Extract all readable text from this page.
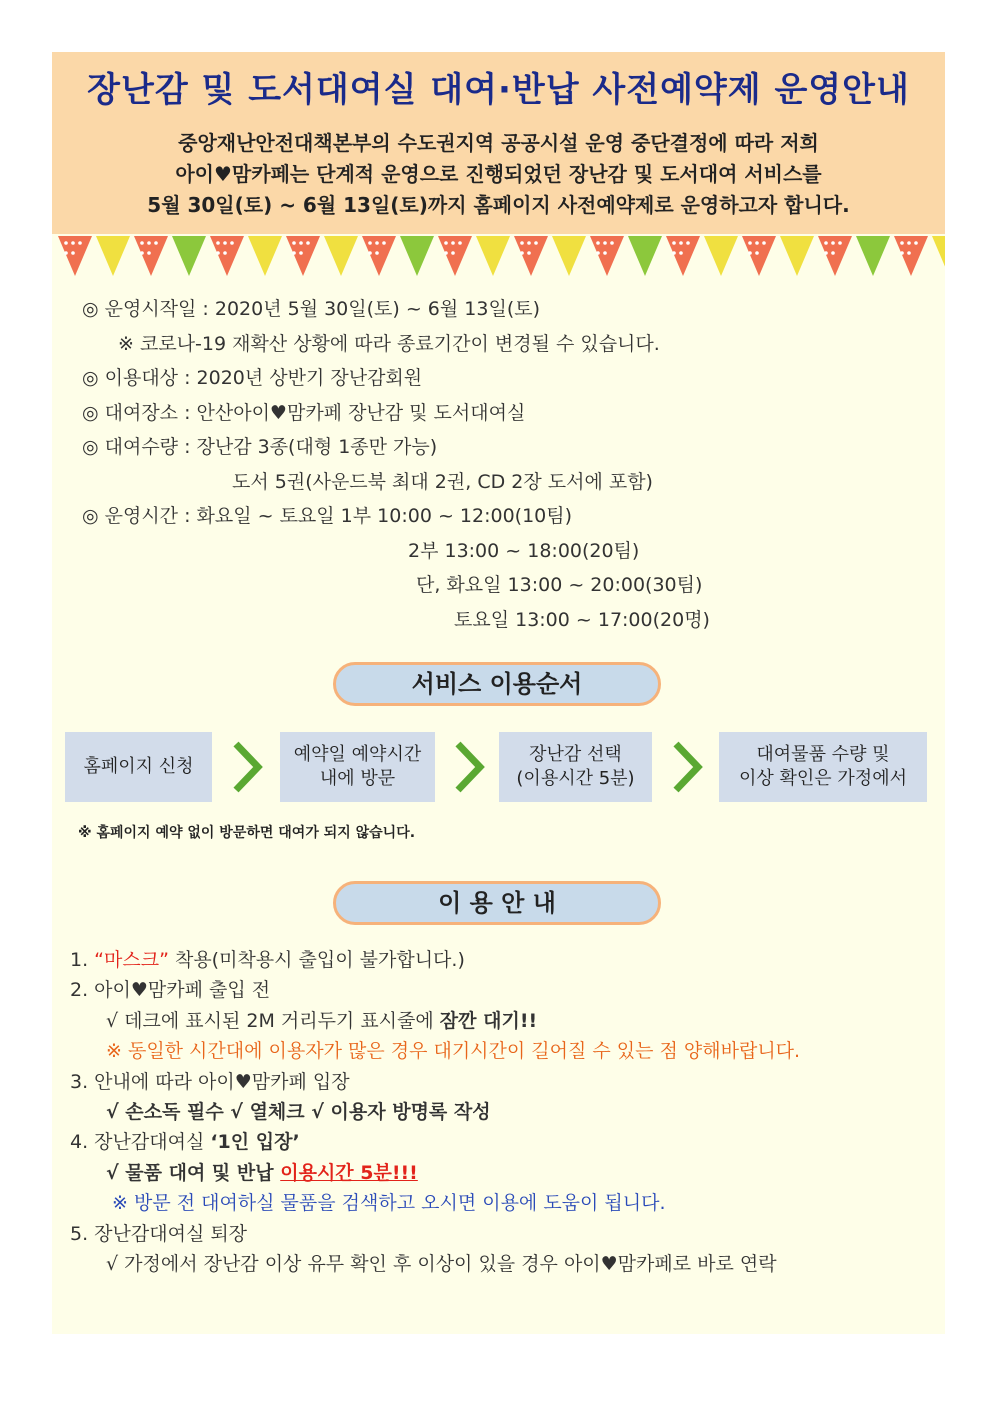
장난감 및 도서대여실 대여·반납 사전예약제 운영안내
중앙재난안전대책본부의 수도권지역 공공시설 운영 중단결정에 따라 저희
아이♥맘카페는 단계적 운영으로 진행되었던 장난감 및 도서대여 서비스를
5월 30일(토) ~ 6월 13일(토)까지 홈페이지 사전예약제로 운영하고자 합니다.
◎ 운영시작일 : 2020년 5월 30일(토) ~ 6월 13일(토)
※ 코로나-19 재확산 상황에 따라 종료기간이 변경될 수 있습니다.
◎ 이용대상 : 2020년 상반기 장난감회원
◎ 대여장소 : 안산아이♥맘카페 장난감 및 도서대여실
◎ 대여수량 : 장난감 3종(대형 1종만 가능)
도서 5권(사운드북 최대 2권, CD 2장 도서에 포함)
◎ 운영시간 : 화요일 ~ 토요일 1부 10:00 ~ 12:00(10팀)
2부 13:00 ~ 18:00(20팀)
단, 화요일 13:00 ~ 20:00(30팀)
토요일 13:00 ~ 17:00(20명)
서비스 이용순서
홈페이지 신청
예약일 예약시간
내에 방문
장난감 선택
(이용시간 5분)
대여물품 수량 및
이상 확인은 가정에서
※ 홈페이지 예약 없이 방문하면 대여가 되지 않습니다.
이 용 안 내
1. “마스크” 착용(미착용시 출입이 불가합니다.)
2. 아이♥맘카페 출입 전
√ 데크에 표시된 2M 거리두기 표시줄에 잠깐 대기!!
※ 동일한 시간대에 이용자가 많은 경우 대기시간이 길어질 수 있는 점 양해바랍니다.
3. 안내에 따라 아이♥맘카페 입장
√ 손소독 필수 √ 열체크 √ 이용자 방명록 작성
4. 장난감대여실 ‘1인 입장’
√ 물품 대여 및 반납 이용시간 5분!!!
※ 방문 전 대여하실 물품을 검색하고 오시면 이용에 도움이 됩니다.
5. 장난감대여실 퇴장
√ 가정에서 장난감 이상 유무 확인 후 이상이 있을 경우 아이♥맘카페로 바로 연락
